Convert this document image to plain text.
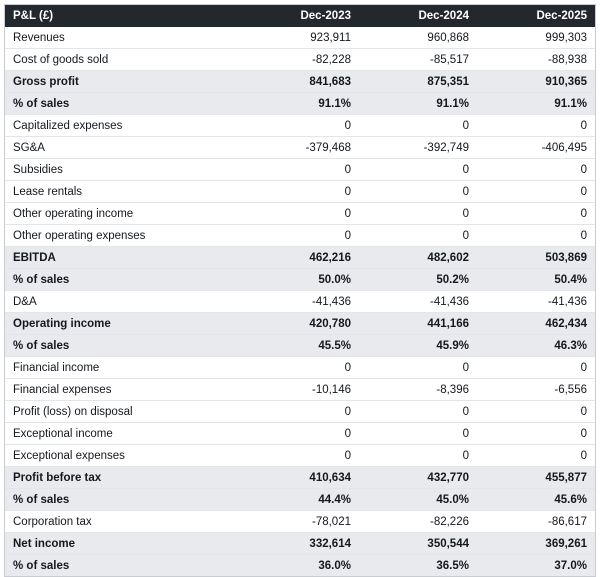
P&L (£)	Dec-2023	Dec-2024	Dec-2025
Revenues	923,911	960,868	999,303
Cost of goods sold	-82,228	-85,517	-88,938
Gross profit	841,683	875,351	910,365
% of sales	91.1%	91.1%	91.1%
Capitalized expenses	0	0	0
SG&A	-379,468	-392,749	-406,495
Subsidies	0	0	0
Lease rentals	0	0	0
Other operating income	0	0	0
Other operating expenses	0	0	0
EBITDA	462,216	482,602	503,869
% of sales	50.0%	50.2%	50.4%
D&A	-41,436	-41,436	-41,436
Operating income	420,780	441,166	462,434
% of sales	45.5%	45.9%	46.3%
Financial income	0	0	0
Financial expenses	-10,146	-8,396	-6,556
Profit (loss) on disposal	0	0	0
Exceptional income	0	0	0
Exceptional expenses	0	0	0
Profit before tax	410,634	432,770	455,877
% of sales	44.4%	45.0%	45.6%
Corporation tax	-78,021	-82,226	-86,617
Net income	332,614	350,544	369,261
% of sales	36.0%	36.5%	37.0%
